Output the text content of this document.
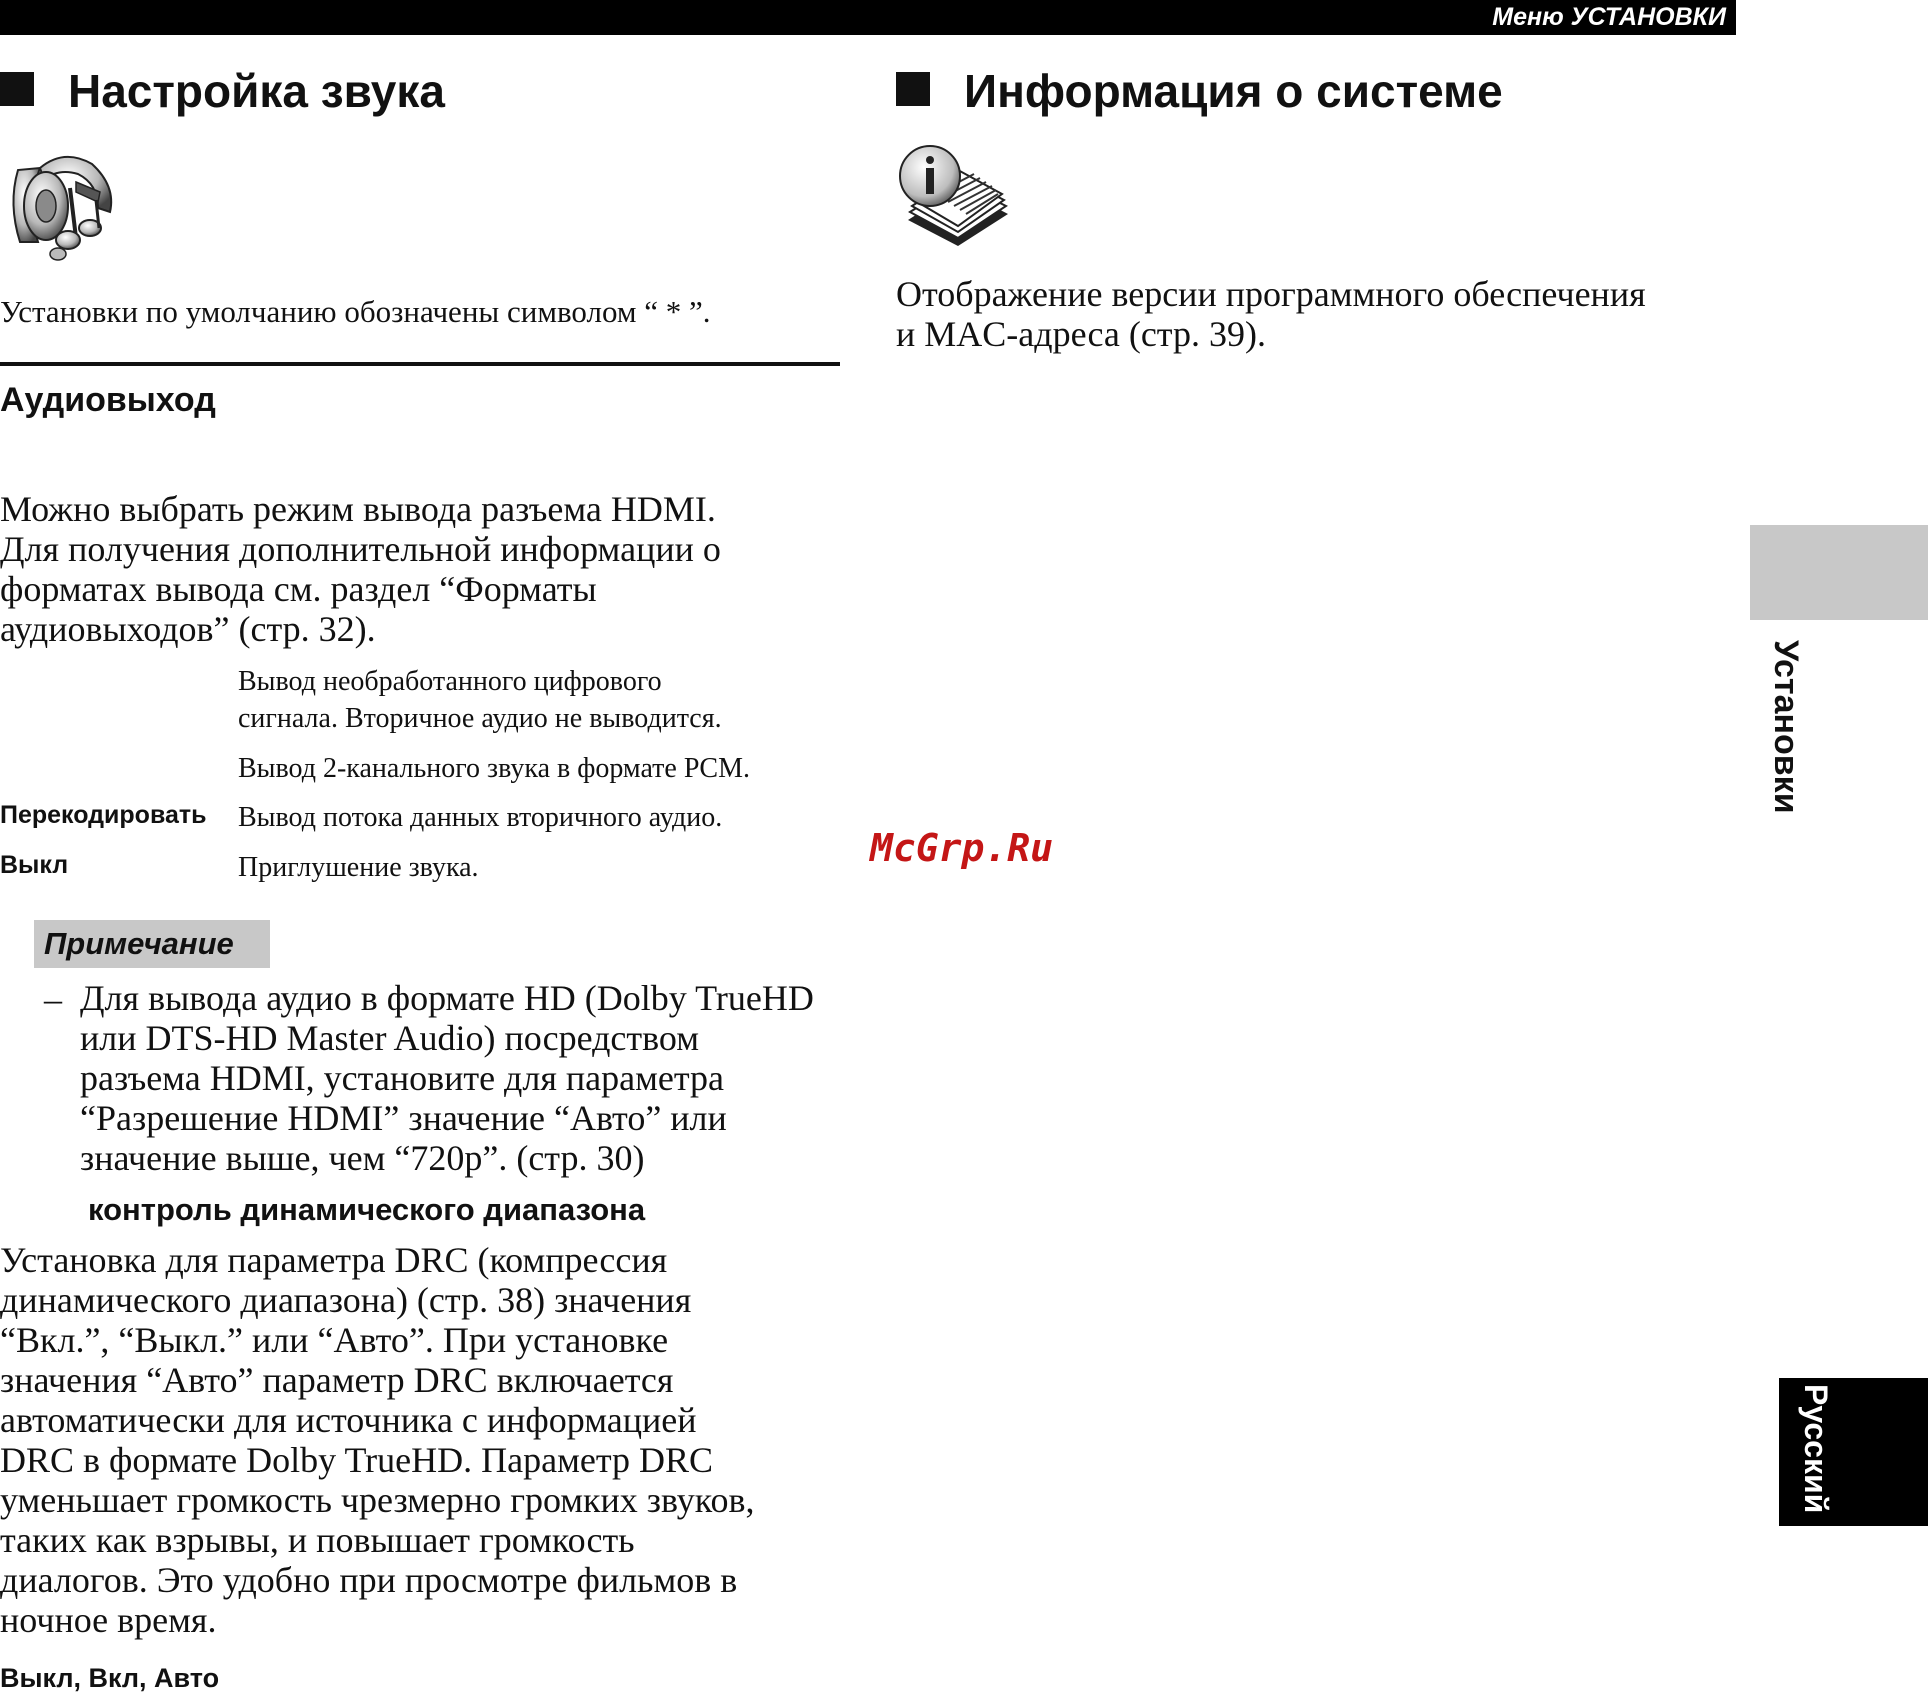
Меню УСТАНОВКИ
Настройка звука

Установки по умолчанию обозначены символом “ * ”.

Аудиовыход
Можно выбрать режим вывода разъема HDMI.
Для получения дополнительной информации о
форматах вывода см. раздел “Форматы
аудиовыходов” (стр. 32).
Вывод необработанного цифрового
сигнала. Вторичное аудио не выводится.
Вывод 2-канального звука в формате PCM.
Перекодировать Вывод потока данных вторичного аудио.
Выкл	Приглушение звука.
Примечание
– Для вывода аудио в формате HD (Dolby TrueHD
или DTS-HD Master Audio) посредством
разъема HDMI, установите для параметра
“Разрешение HDMI” значение “Авто” или
значение выше, чем “720p”. (стр. 30)
контроль динамического диапазона
Установка для параметра DRC (компрессия
динамического диапазона) (стр. 38) значения
“Вкл.”, “Выкл.” или “Авто”. При установке
значения “Авто” параметр DRC включается
автоматически для источника с информацией
DRC в формате Dolby TrueHD. Параметр DRC
уменьшает громкость чрезмерно громких звуков,
таких как взрывы, и повышает громкость
диалогов. Это удобно при просмотре фильмов в
ночное время.
Выкл, Вкл, Авто
Информация о системе
Отображение версии программного обеспечения
и MAC-адреса (стр. 39).
Установки
Русский
McGrp.Ru
